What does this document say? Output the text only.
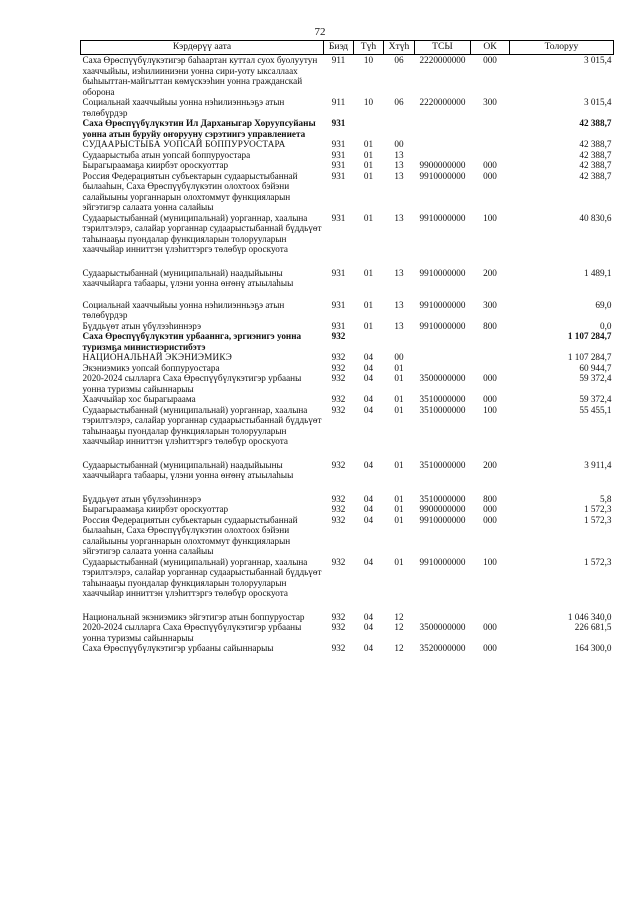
72
Кэрдөрүү аата	Биэд	Түһ	Хтүһ	ТСЫ	ОК	Толоруу
Саха Өрөспүүбүлүкэтигэр баһаартан куттал суох буолуутун хааччыйыы, иэһилииниэни уонна сири-уоту ыксаллаах быһыыттан-майгыттан көмүскээһин уонна гражданскай оборона	911	10	06	2220000000	000	3 015,4
Социальнай хааччыйыы уонна нэһилиэнньэҕэ атын төлөбүрдэр	911	10	06	2220000000	300	3 015,4
Саха Өрөспүүбүлүкэтин Ил Дарханыгар Хоруупсуйаны уонна атын буруйу оҥорууну сэрэтиигэ управлениета	931					42 388,7
СУДААРЫСТЫБА УОПСАЙ БОППУРУОСТАРА	931	01	00			42 388,7
Судаарыстыба атын уопсай боппуруостара	931	01	13			42 388,7
Бырагыраамаҕа киирбэт ороскуоттар	931	01	13	9900000000	000	42 388,7
Россия Федерациятын субъектарын судаарыстыбаннай былааһын, Саха Өрөспүүбүлүкэтин олохтоох бэйэни салайыыны уорганнарын олохтоммут функцияларын эйгэтигэр салаата уонна салайыы	931	01	13	9910000000	000	42 388,7
Судаарыстыбаннай (муниципальнай) уорганнар, хаалына тэрилтэлэрэ, салайар уорганнар судаарыстыбаннай бүддьүөт таһынааҕы пуондалар функцияларын толорууларын хааччыйар инниттэн үлэһиттэргэ төлөбүр ороскуота	931	01	13	9910000000	100	40 830,6

Судаарыстыбаннай (муниципальнай) наадыйыыны хааччыйарга табаары, үлэни уонна өҥөнү атыылаһыы	931	01	13	9910000000	200	1 489,1

Социальнай хааччыйыы уонна нэһилиэнньэҕэ атын төлөбүрдэр	931	01	13	9910000000	300	69,0
Бүддьүөт атын үбүлээһиннэрэ	931	01	13	9910000000	800	0,0
Саха Өрөспүүбүлүкэтин урбааннга, эргиэнигэ уонна туризмҕа министиэристибэтэ	932					1 107 284,7
НАЦИОНАЛЬНАЙ ЭКЭНИЭМИКЭ	932	04	00			1 107 284,7
Экэниэмикэ уопсай боппуруостара	932	04	01			60 944,7
2020-2024 сылларга Саха Өрөспүүбүлүкэтигэр урбааны уонна туризмы сайыннарыы	932	04	01	3500000000	000	59 372,4
Хааччыйар хос бырагыраама	932	04	01	3510000000	000	59 372,4
Судаарыстыбаннай (муниципальнай) уорганнар, хаалына тэрилтэлэрэ, салайар уорганнар судаарыстыбаннай бүддьүөт таһынааҕы пуондалар функцияларын толорууларын хааччыйар инниттэн үлэһиттэргэ төлөбүр ороскуота	932	04	01	3510000000	100	55 455,1

Судаарыстыбаннай (муниципальнай) наадыйыыны хааччыйарга табаары, үлэни уонна өҥөнү атыылаһыы	932	04	01	3510000000	200	3 911,4

Бүддьүөт атын үбүлээһиннэрэ	932	04	01	3510000000	800	5,8
Бырагыраамаҕа киирбэт ороскуоттар	932	04	01	9900000000	000	1 572,3
Россия Федерациятын субъектарын судаарыстыбаннай былааһын, Саха Өрөспүүбүлүкэтин олохтоох бэйэни салайыыны уорганнарын олохтоммут функцияларын эйгэтигэр салаата уонна салайыы	932	04	01	9910000000	000	1 572,3
Судаарыстыбаннай (муниципальнай) уорганнар, хаалына тэрилтэлэрэ, салайар уорганнар судаарыстыбаннай бүддьүөт таһынааҕы пуондалар функцияларын толорууларын хааччыйар инниттэн үлэһиттэргэ төлөбүр ороскуота	932	04	01	9910000000	100	1 572,3

Национальнай экэниэмикэ эйгэтигэр атын боппуруостар	932	04	12			1 046 340,0
2020-2024 сылларга Саха Өрөспүүбүлүкэтигэр урбааны уонна туризмы сайыннарыы	932	04	12	3500000000	000	226 681,5
Саха Өрөспүүбүлүкэтигэр урбааны сайыннарыы	932	04	12	3520000000	000	164 300,0
